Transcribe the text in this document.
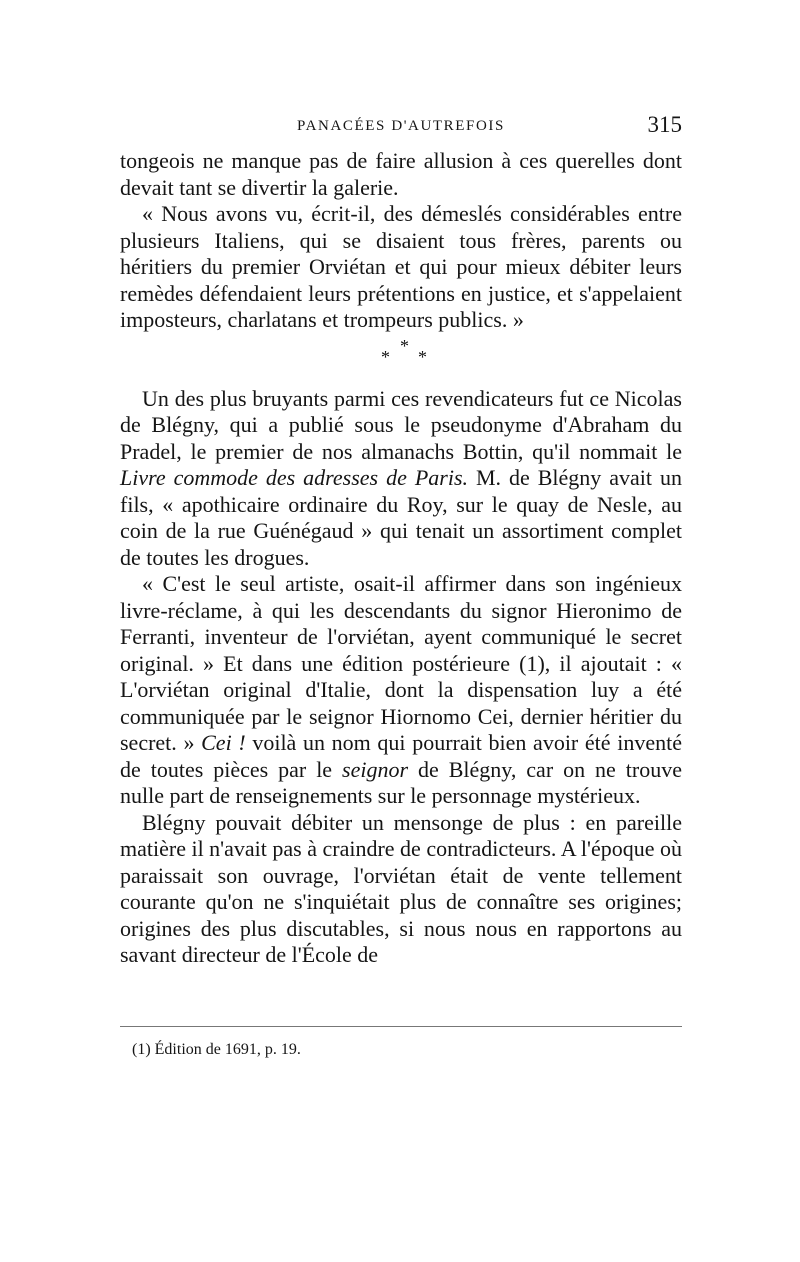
PANACÉES D'AUTREFOIS	315

tongeois ne manque pas de faire allusion à ces querelles dont devait tant se divertir la galerie.

« Nous avons vu, écrit-il, des démeslés considérables entre plusieurs Italiens, qui se disaient tous frères, parents ou héritiers du premier Orviétan et qui pour mieux débiter leurs remèdes défendaient leurs prétentions en justice, et s'appelaient imposteurs, charlatans et trompeurs publics. »

*
* *

Un des plus bruyants parmi ces revendicateurs fut ce Nicolas de Blégny, qui a publié sous le pseudonyme d'Abraham du Pradel, le premier de nos almanachs Bottin, qu'il nommait le Livre commode des adresses de Paris. M. de Blégny avait un fils, « apothicaire ordinaire du Roy, sur le quay de Nesle, au coin de la rue Guénégaud » qui tenait un assortiment complet de toutes les drogues.

« C'est le seul artiste, osait-il affirmer dans son ingénieux livre-réclame, à qui les descendants du signor Hieronimo de Ferranti, inventeur de l'orviétan, ayent communiqué le secret original. » Et dans une édition postérieure (1), il ajoutait : « L'orviétan original d'Italie, dont la dispensation luy a été communiquée par le seignor Hiornomo Cei, dernier héritier du secret. » Cei ! voilà un nom qui pourrait bien avoir été inventé de toutes pièces par le seignor de Blégny, car on ne trouve nulle part de renseignements sur le personnage mystérieux.

Blégny pouvait débiter un mensonge de plus : en pareille matière il n'avait pas à craindre de contradicteurs. A l'époque où paraissait son ouvrage, l'orviétan était de vente tellement courante qu'on ne s'inquiétait plus de connaître ses origines; origines des plus discutables, si nous nous en rapportons au savant directeur de l'École de

(1) Édition de 1691, p. 19.
